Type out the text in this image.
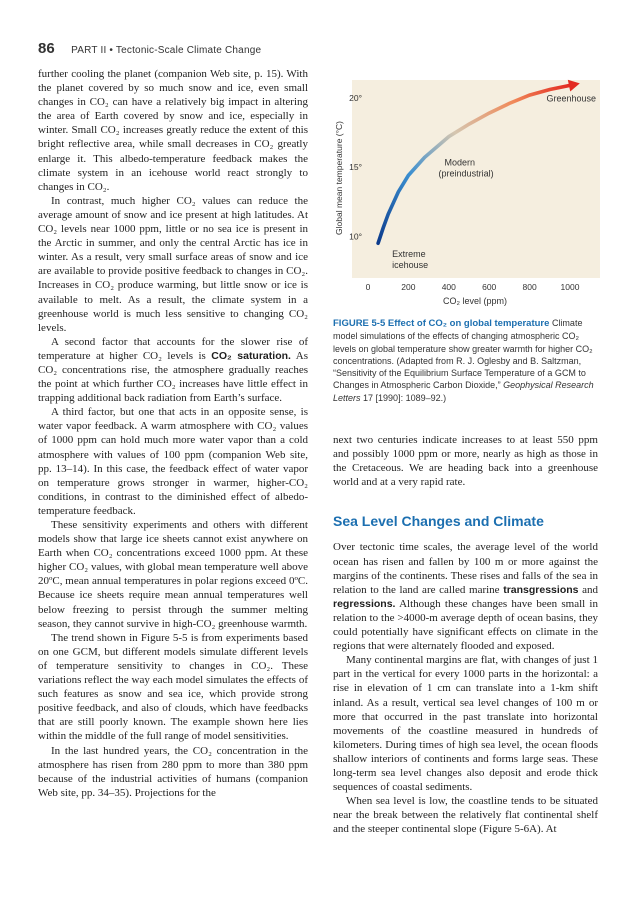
86 PART II • Tectonic-Scale Climate Change

further cooling the planet (companion Web site, p. 15). With the planet covered by so much snow and ice, even small changes in CO₂ can have a relatively big impact in altering the area of Earth covered by snow and ice, especially in winter. Small CO₂ increases greatly reduce the extent of this bright reflective area, while small decreases in CO₂ greatly enlarge it. This albedo-temperature feedback makes the climate system in an icehouse world react strongly to changes in CO₂.

In contrast, much higher CO₂ values can reduce the average amount of snow and ice present at high latitudes. At CO₂ levels near 1000 ppm, little or no sea ice is present in the Arctic in summer, and only the central Arctic has ice in winter. As a result, very small surface areas of snow and ice are available to provide positive feedback to changes in CO₂. Increases in CO₂ produce warming, but little snow or ice is available to melt. As a result, the climate system in a greenhouse world is much less sensitive to changing CO₂ levels.

A second factor that accounts for the slower rise of temperature at higher CO₂ levels is CO₂ saturation. As CO₂ concentrations rise, the atmosphere gradually reaches the point at which further CO₂ increases have little effect in trapping additional back radiation from Earth’s surface.

A third factor, but one that acts in an opposite sense, is water vapor feedback. A warm atmosphere with CO₂ values of 1000 ppm can hold much more water vapor than a cold atmosphere with values of 100 ppm (companion Web site, pp. 13–14). In this case, the feedback effect of water vapor on temperature grows stronger in warmer, higher-CO₂ conditions, in contrast to the diminished effect of albedo-temperature feedback.

These sensitivity experiments and others with different models show that large ice sheets cannot exist anywhere on Earth when CO₂ concentrations exceed 1000 ppm. At these higher CO₂ values, with global mean temperature well above 20ºC, mean annual temperatures in polar regions exceed 0ºC. Because ice sheets require mean annual temperatures well below freezing to persist through the summer melting season, they cannot survive in high-CO₂ greenhouse warmth.

The trend shown in Figure 5-5 is from experiments based on one GCM, but different models simulate different levels of temperature sensitivity to changes in CO₂. These variations reflect the way each model simulates the effects of such features as snow and sea ice, which provide strong positive feedback, and also of clouds, which have feedbacks that are still poorly known. The example shown here lies within the middle of the full range of model sensitivities.

In the last hundred years, the CO₂ concentration in the atmosphere has risen from 280 ppm to more than 380 ppm because of the industrial activities of humans (companion Web site, pp. 34–35). Projections for the

Global mean temperature (°C)
CO₂ level (ppm)
10°
15°
20°
0	200	400	600	800	1000
Greenhouse
Modern
(preindustrial)
Extreme
icehouse
FIGURE 5-5 Effect of CO₂ on global temperature Climate model simulations of the effects of changing atmospheric CO₂ levels on global temperature show greater warmth for higher CO₂ concentrations. (Adapted from R. J. Oglesby and B. Saltzman, “Sensitivity of the Equilibrium Surface Temperature of a GCM to Changes in Atmospheric Carbon Dioxide,” Geophysical Research Letters 17 [1990]: 1089–92.)

next two centuries indicate increases to at least 550 ppm and possibly 1000 ppm or more, nearly as high as those in the Cretaceous. We are heading back into a greenhouse world and at a very rapid rate.

Sea Level Changes and Climate

Over tectonic time scales, the average level of the world ocean has risen and fallen by 100 m or more against the margins of the continents. These rises and falls of the sea in relation to the land are called marine transgressions and regressions. Although these changes have been small in relation to the >4000-m average depth of ocean basins, they could potentially have significant effects on climate in the regions that were alternately flooded and exposed.

Many continental margins are flat, with changes of just 1 part in the vertical for every 1000 parts in the horizontal: a rise in elevation of 1 cm can translate into a 1-km shift inland. As a result, vertical sea level changes of 100 m or more that occurred in the past translate into horizontal movements of the coastline measured in hundreds of kilometers. During times of high sea level, the ocean floods shallow interiors of continents and forms large seas. These long-term sea level changes also deposit and erode thick sequences of coastal sediments.

When sea level is low, the coastline tends to be situated near the break between the relatively flat continental shelf and the steeper continental slope (Figure 5-6A). At
